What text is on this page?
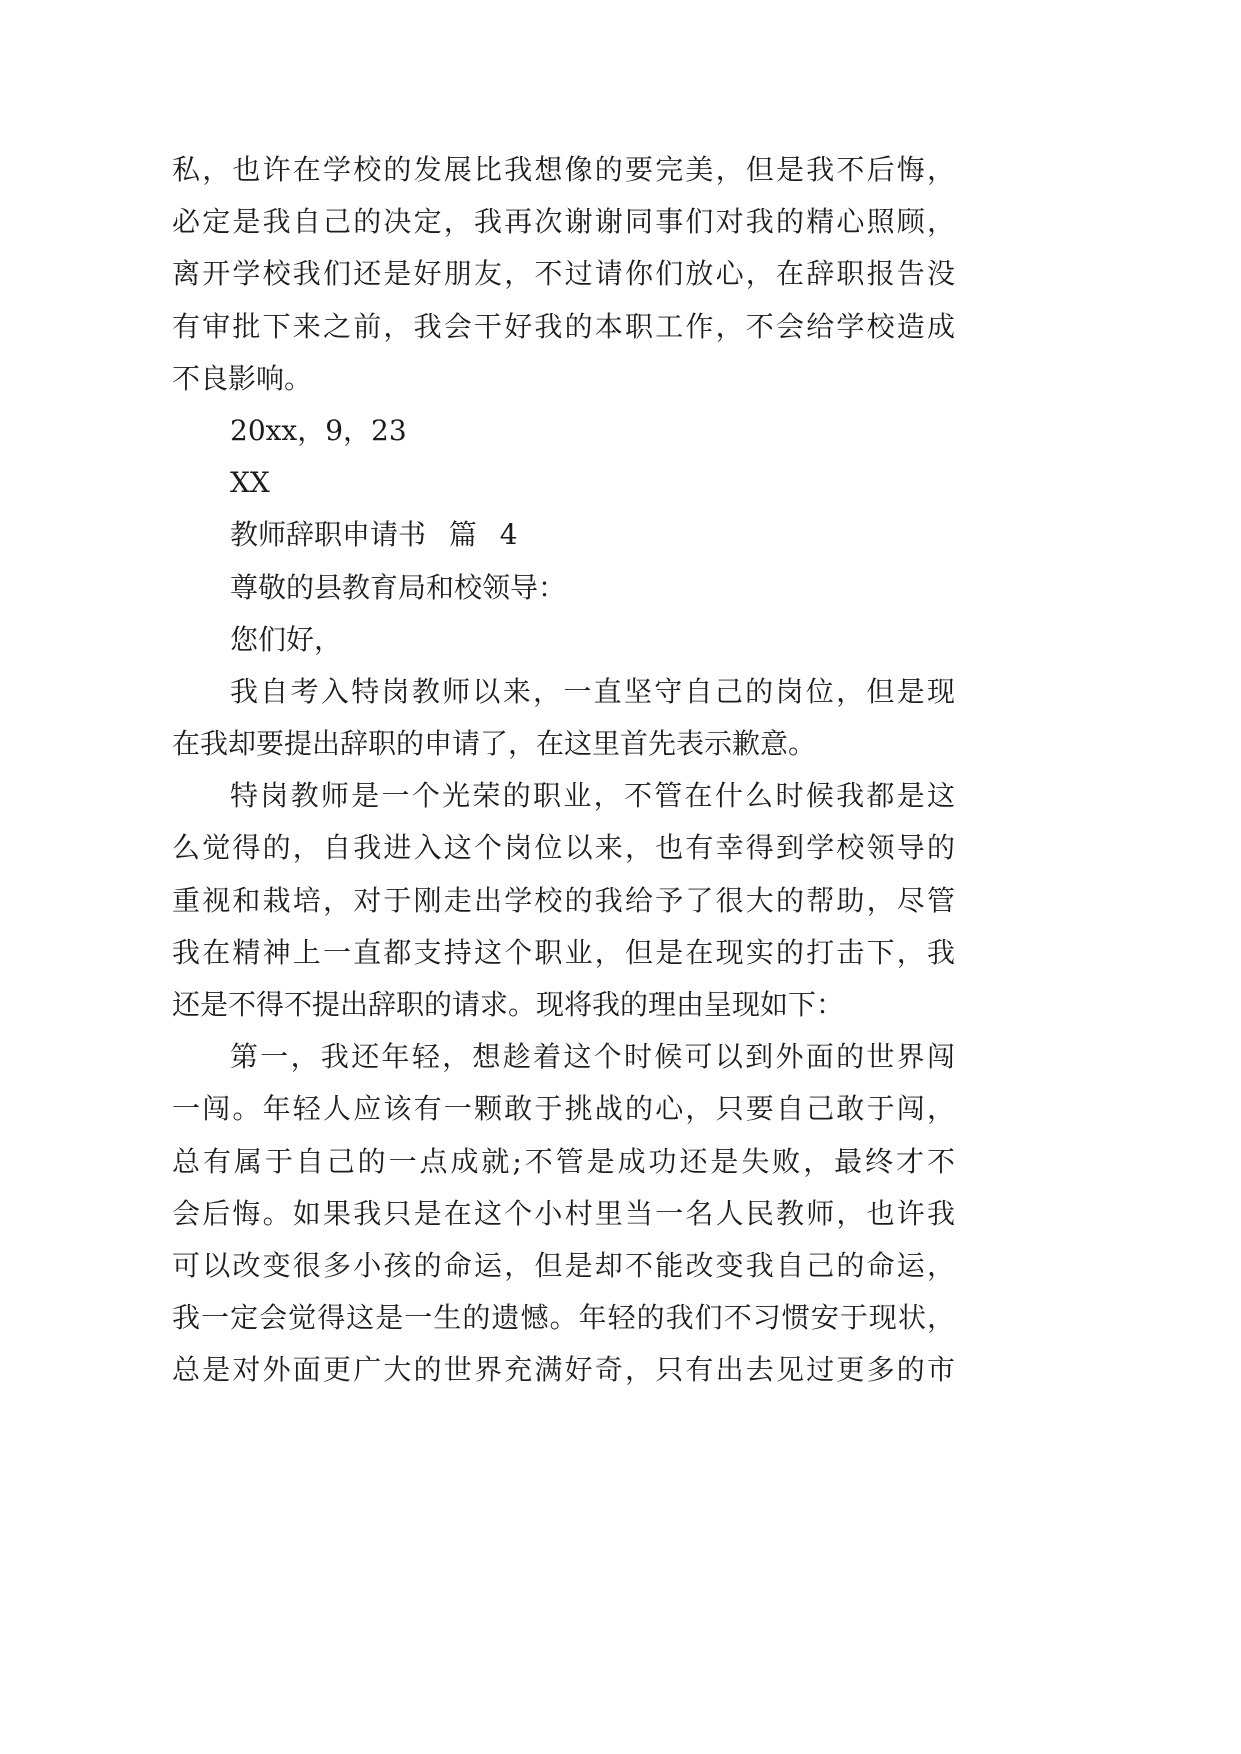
私，也许在学校的发展比我想像的要完美，但是我不后悔，
必定是我自己的决定，我再次谢谢同事们对我的精心照顾，
离开学校我们还是好朋友，不过请你们放心，在辞职报告没
有审批下来之前，我会干好我的本职工作，不会给学校造成
不良影响。
20xx，9，23
XX
教师辞职申请书 篇 4
尊敬的县教育局和校领导：
您们好，
我自考入特岗教师以来，一直坚守自己的岗位，但是现
在我却要提出辞职的申请了，在这里首先表示歉意。
特岗教师是一个光荣的职业，不管在什么时候我都是这
么觉得的，自我进入这个岗位以来，也有幸得到学校领导的
重视和栽培，对于刚走出学校的我给予了很大的帮助，尽管
我在精神上一直都支持这个职业，但是在现实的打击下，我
还是不得不提出辞职的请求。现将我的理由呈现如下：
第一，我还年轻，想趁着这个时候可以到外面的世界闯
一闯。年轻人应该有一颗敢于挑战的心，只要自己敢于闯，
总有属于自己的一点成就;不管是成功还是失败，最终才不
会后悔。如果我只是在这个小村里当一名人民教师，也许我
可以改变很多小孩的命运，但是却不能改变我自己的命运，
我一定会觉得这是一生的遗憾。年轻的我们不习惯安于现状，
总是对外面更广大的世界充满好奇，只有出去见过更多的市
